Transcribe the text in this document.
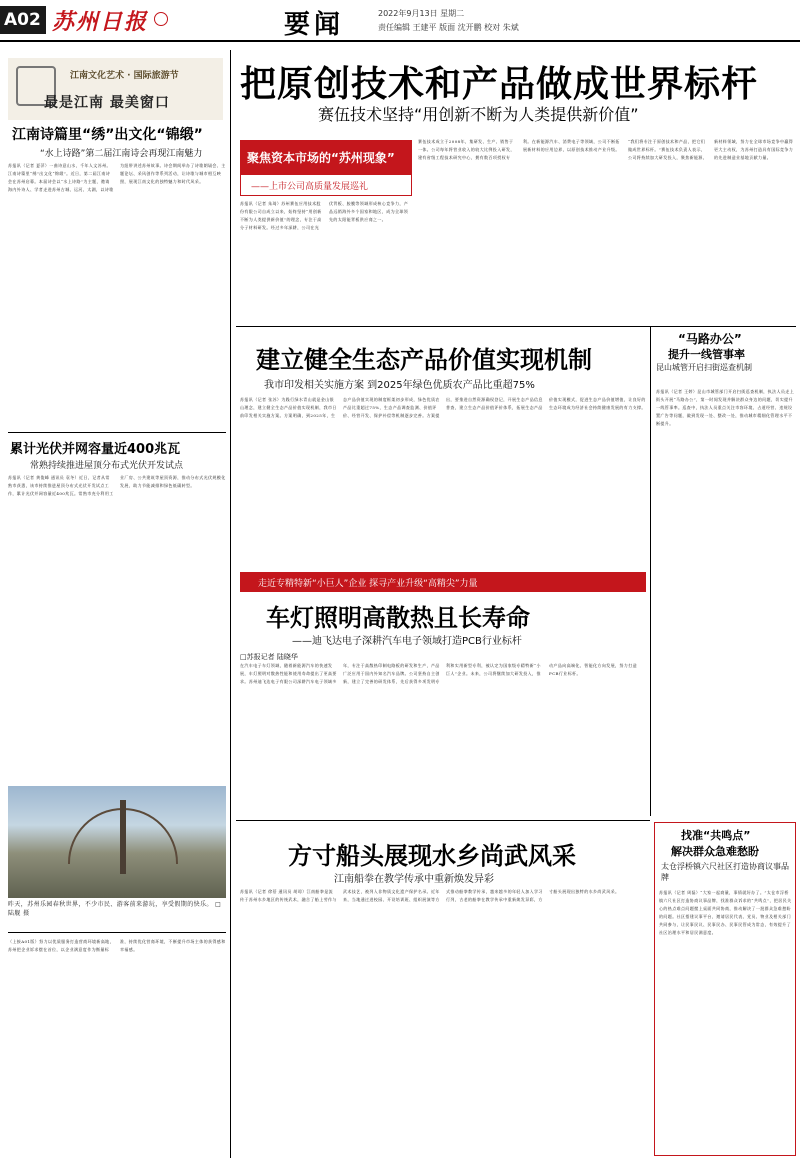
A02 苏州日报	要闻	2022年9月13日 星期二
责任编辑 王建平 版面 沈开鹏 校对 朱斌
江南文化艺术 · 国际旅游节
最是江南 最美窗口
江南诗篇里“绣”出文化“锦缎”
“水上诗路”第二届江南诗会再现江南魅力

苏报讯（记者 夏萍）一曲诗意山水，千年人文苏州。江南诗篇里“绣”出文化“锦缎”。近日，第二届江南诗会在苏州启幕。本届诗会以“水上诗路”为主题，邀请海内外诗人、学者走进苏州古城、运河、太湖，以诗歌为纽带讲述苏州故事。诗会期间举办了诗歌朗诵会、主题论坛、采风创作等系列活动，让诗歌与城市相互映照，展现江南文化的独特魅力和时代风采。

累计光伏并网容量近400兆瓦
常熟持续推进屋顶分布式光伏开发试点

苏报讯（记者 黄俊峰 通讯员 袁冬）近日，记者从常熟市获悉，该市持续推进屋顶分布式光伏开发试点工作，累计光伏并网容量近400兆瓦。常熟市充分利用工业厂房、公共建筑等屋顶资源，推动分布式光伏规模化发展，助力节能减排和绿色低碳转型。

昨天，苏州乐园春秋世界，不少市民、游客前来游玩，享受假期的快乐。 □陆舰 摄

（上接A01版）努力以优质服务打造营商环境新高地，苏州把企业诉求摆在首位，以企业满意度作为衡量标准，持续优化营商环境，不断提升市场主体的获得感和幸福感。

把原创技术和产品做成世界标杆
赛伍技术坚持“用创新不断为人类提供新价值”
聚焦资本市场的“苏州现象”
——上市公司高质量发展巡礼

苏报讯（记者 朱琦）苏州赛伍应用技术股份有限公司自成立以来，始终坚持“用创新不断为人类提供新价值”的理念，专注于高分子材料研发。经过多年深耕，公司在光伏背板、胶膜等领域形成核心竞争力，产品远销海外多个国家和地区，成为全球领先的太阳能背板供应商之一。

赛伍技术成立于2008年，集研发、生产、销售于一体。公司每年将营业收入的较大比例投入研发，建有省级工程技术研究中心，拥有数百项授权专利。在新能源汽车、消费电子等领域，公司不断拓展新材料的应用边界，以原创技术推动产业升级。

“我们将专注于原创技术和产品，把它们做成世界标杆。”赛伍技术负责人表示，公司将持续加大研发投入，聚焦新能源、新材料领域，努力在全球市场竞争中赢得更大主动权，为苏州打造具有国际竞争力的先进制造业基地贡献力量。

建立健全生态产品价值实现机制
我市印发相关实施方案 到2025年绿色优质农产品比重超75%

苏报讯（记者 张苏）为践行绿水青山就是金山银山理念，建立健全生态产品价值实现机制，我市日前印发相关实施方案。方案明确，到2025年，生态产品价值实现的制度框架初步形成，绿色优质农产品比重超过75%，生态产品调查监测、价值评价、经营开发、保护补偿等机制逐步完善。方案提出，要推进自然资源确权登记，开展生态产品信息普查，建立生态产品价值评价体系，拓展生态产品价值实现模式，促进生态产品价值增值，让良好的生态环境成为经济社会持续健康发展的有力支撑。

“马路办公”
提升一线管事率
昆山城管开启扫街巡查机制

苏报讯（记者 王婷）昆山市城管部门开启扫街巡查机制，执法人员走上街头开展“马路办公”，第一时间发现并解决群众身边的问题，切实提升一线管事率。巡查中，执法人员重点关注市容环境、占道经营、违规设置广告等问题，做到发现一处、整改一处，推动城市精细化管理水平不断提升。

走近专精特新“小巨人”企业 探寻产业升级“高精尖”力量
车灯照明高散热且长寿命
——迪飞达电子深耕汽车电子领域打造PCB行业标杆
□苏报记者 陆晓华

在汽车电子车灯领域，随着新能源汽车的快速发展，车灯照明对散热性能和使用寿命提出了更高要求。苏州迪飞达电子有限公司深耕汽车电子领域多年，专注于高散热印制电路板的研发和生产，产品广泛应用于国内外知名汽车品牌。公司坚持自主创新，建立了完善的研发体系，先后获得多项发明专利和实用新型专利，被认定为国家级专精特新“小巨人”企业。未来，公司将继续加大研发投入，推动产品向高端化、智能化方向发展，努力打造PCB行业标杆。

找准“共鸣点”
解决群众急难愁盼
太仓浮桥镇六尺社区打造协商议事品牌

苏报讯（记者 周磊）“大家一起商量，事情就好办了。”太仓市浮桥镇六尺社区打造协商议事品牌，找准群众诉求的“共鸣点”，把居民关心的热点难点问题摆上桌面共同协商，推动解决了一批群众急难愁盼的问题。社区搭建议事平台，邀请居民代表、党员、物业及相关部门共同参与，让民事民议、民事民办、民事民管成为常态，有效提升了社区治理水平和居民满意度。

方寸船头展现水乡尚武风采
江南船拳在教学传承中重新焕发异彩

苏报讯（记者 徐蓓 通讯员 胡琼）江南船拳是流传于苏州水乡地区的传统武术，融合了船上劳作与武术技艺，被列入非物质文化遗产保护名录。近年来，当地通过进校园、开设培训班、组织展演等方式推动船拳教学传承，越来越多的年轻人加入学习行列，古老的船拳在教学传承中重新焕发异彩，方寸船头展现出独特的水乡尚武风采。
